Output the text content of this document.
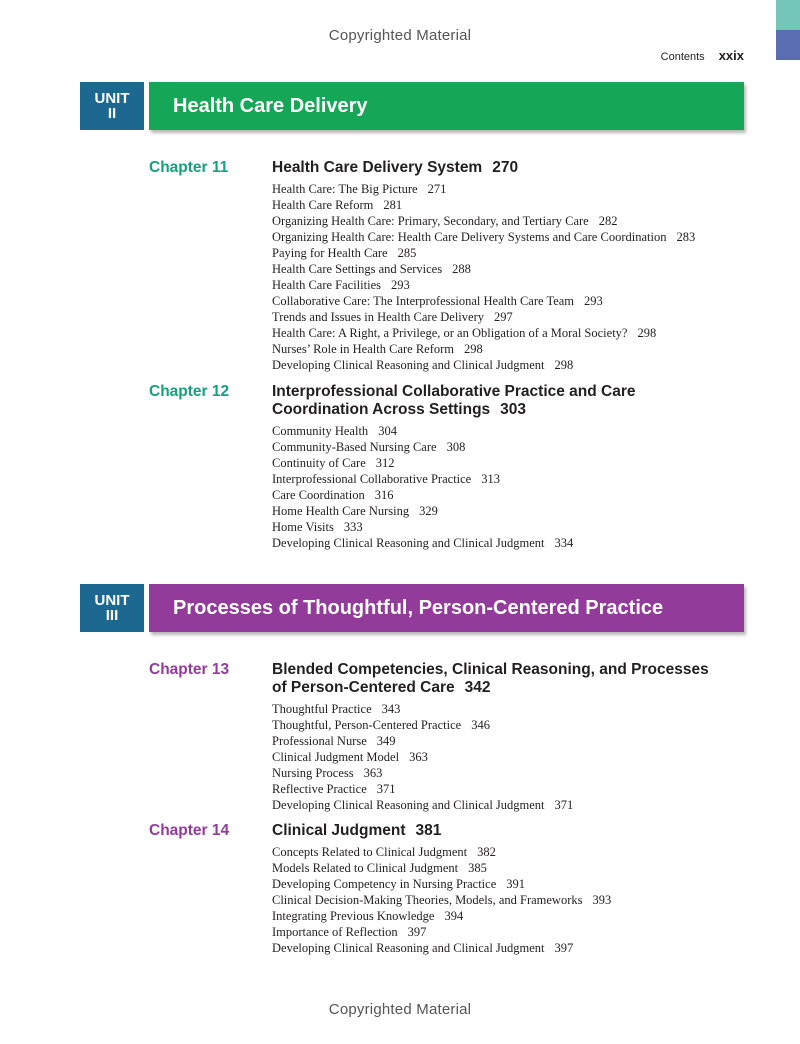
Copyrighted Material
Contents xxix
UNIT
II	Health Care Delivery
Chapter 11	Health Care Delivery System 270
Health Care: The Big Picture 271
Health Care Reform 281
Organizing Health Care: Primary, Secondary, and Tertiary Care 282
Organizing Health Care: Health Care Delivery Systems and Care Coordination 283
Paying for Health Care 285
Health Care Settings and Services 288
Health Care Facilities 293
Collaborative Care: The Interprofessional Health Care Team 293
Trends and Issues in Health Care Delivery 297
Health Care: A Right, a Privilege, or an Obligation of a Moral Society? 298
Nurses’ Role in Health Care Reform 298
Developing Clinical Reasoning and Clinical Judgment 298
Chapter 12	Interprofessional Collaborative Practice and Care
Coordination Across Settings 303
Community Health 304
Community-Based Nursing Care 308
Continuity of Care 312
Interprofessional Collaborative Practice 313
Care Coordination 316
Home Health Care Nursing 329
Home Visits 333
Developing Clinical Reasoning and Clinical Judgment 334
UNIT
III	Processes of Thoughtful, Person-Centered Practice
Chapter 13	Blended Competencies, Clinical Reasoning, and Processes
of Person-Centered Care 342
Thoughtful Practice 343
Thoughtful, Person-Centered Practice 346
Professional Nurse 349
Clinical Judgment Model 363
Nursing Process 363
Reflective Practice 371
Developing Clinical Reasoning and Clinical Judgment 371
Chapter 14	Clinical Judgment 381
Concepts Related to Clinical Judgment 382
Models Related to Clinical Judgment 385
Developing Competency in Nursing Practice 391
Clinical Decision-Making Theories, Models, and Frameworks 393
Integrating Previous Knowledge 394
Importance of Reflection 397
Developing Clinical Reasoning and Clinical Judgment 397
Copyrighted Material
